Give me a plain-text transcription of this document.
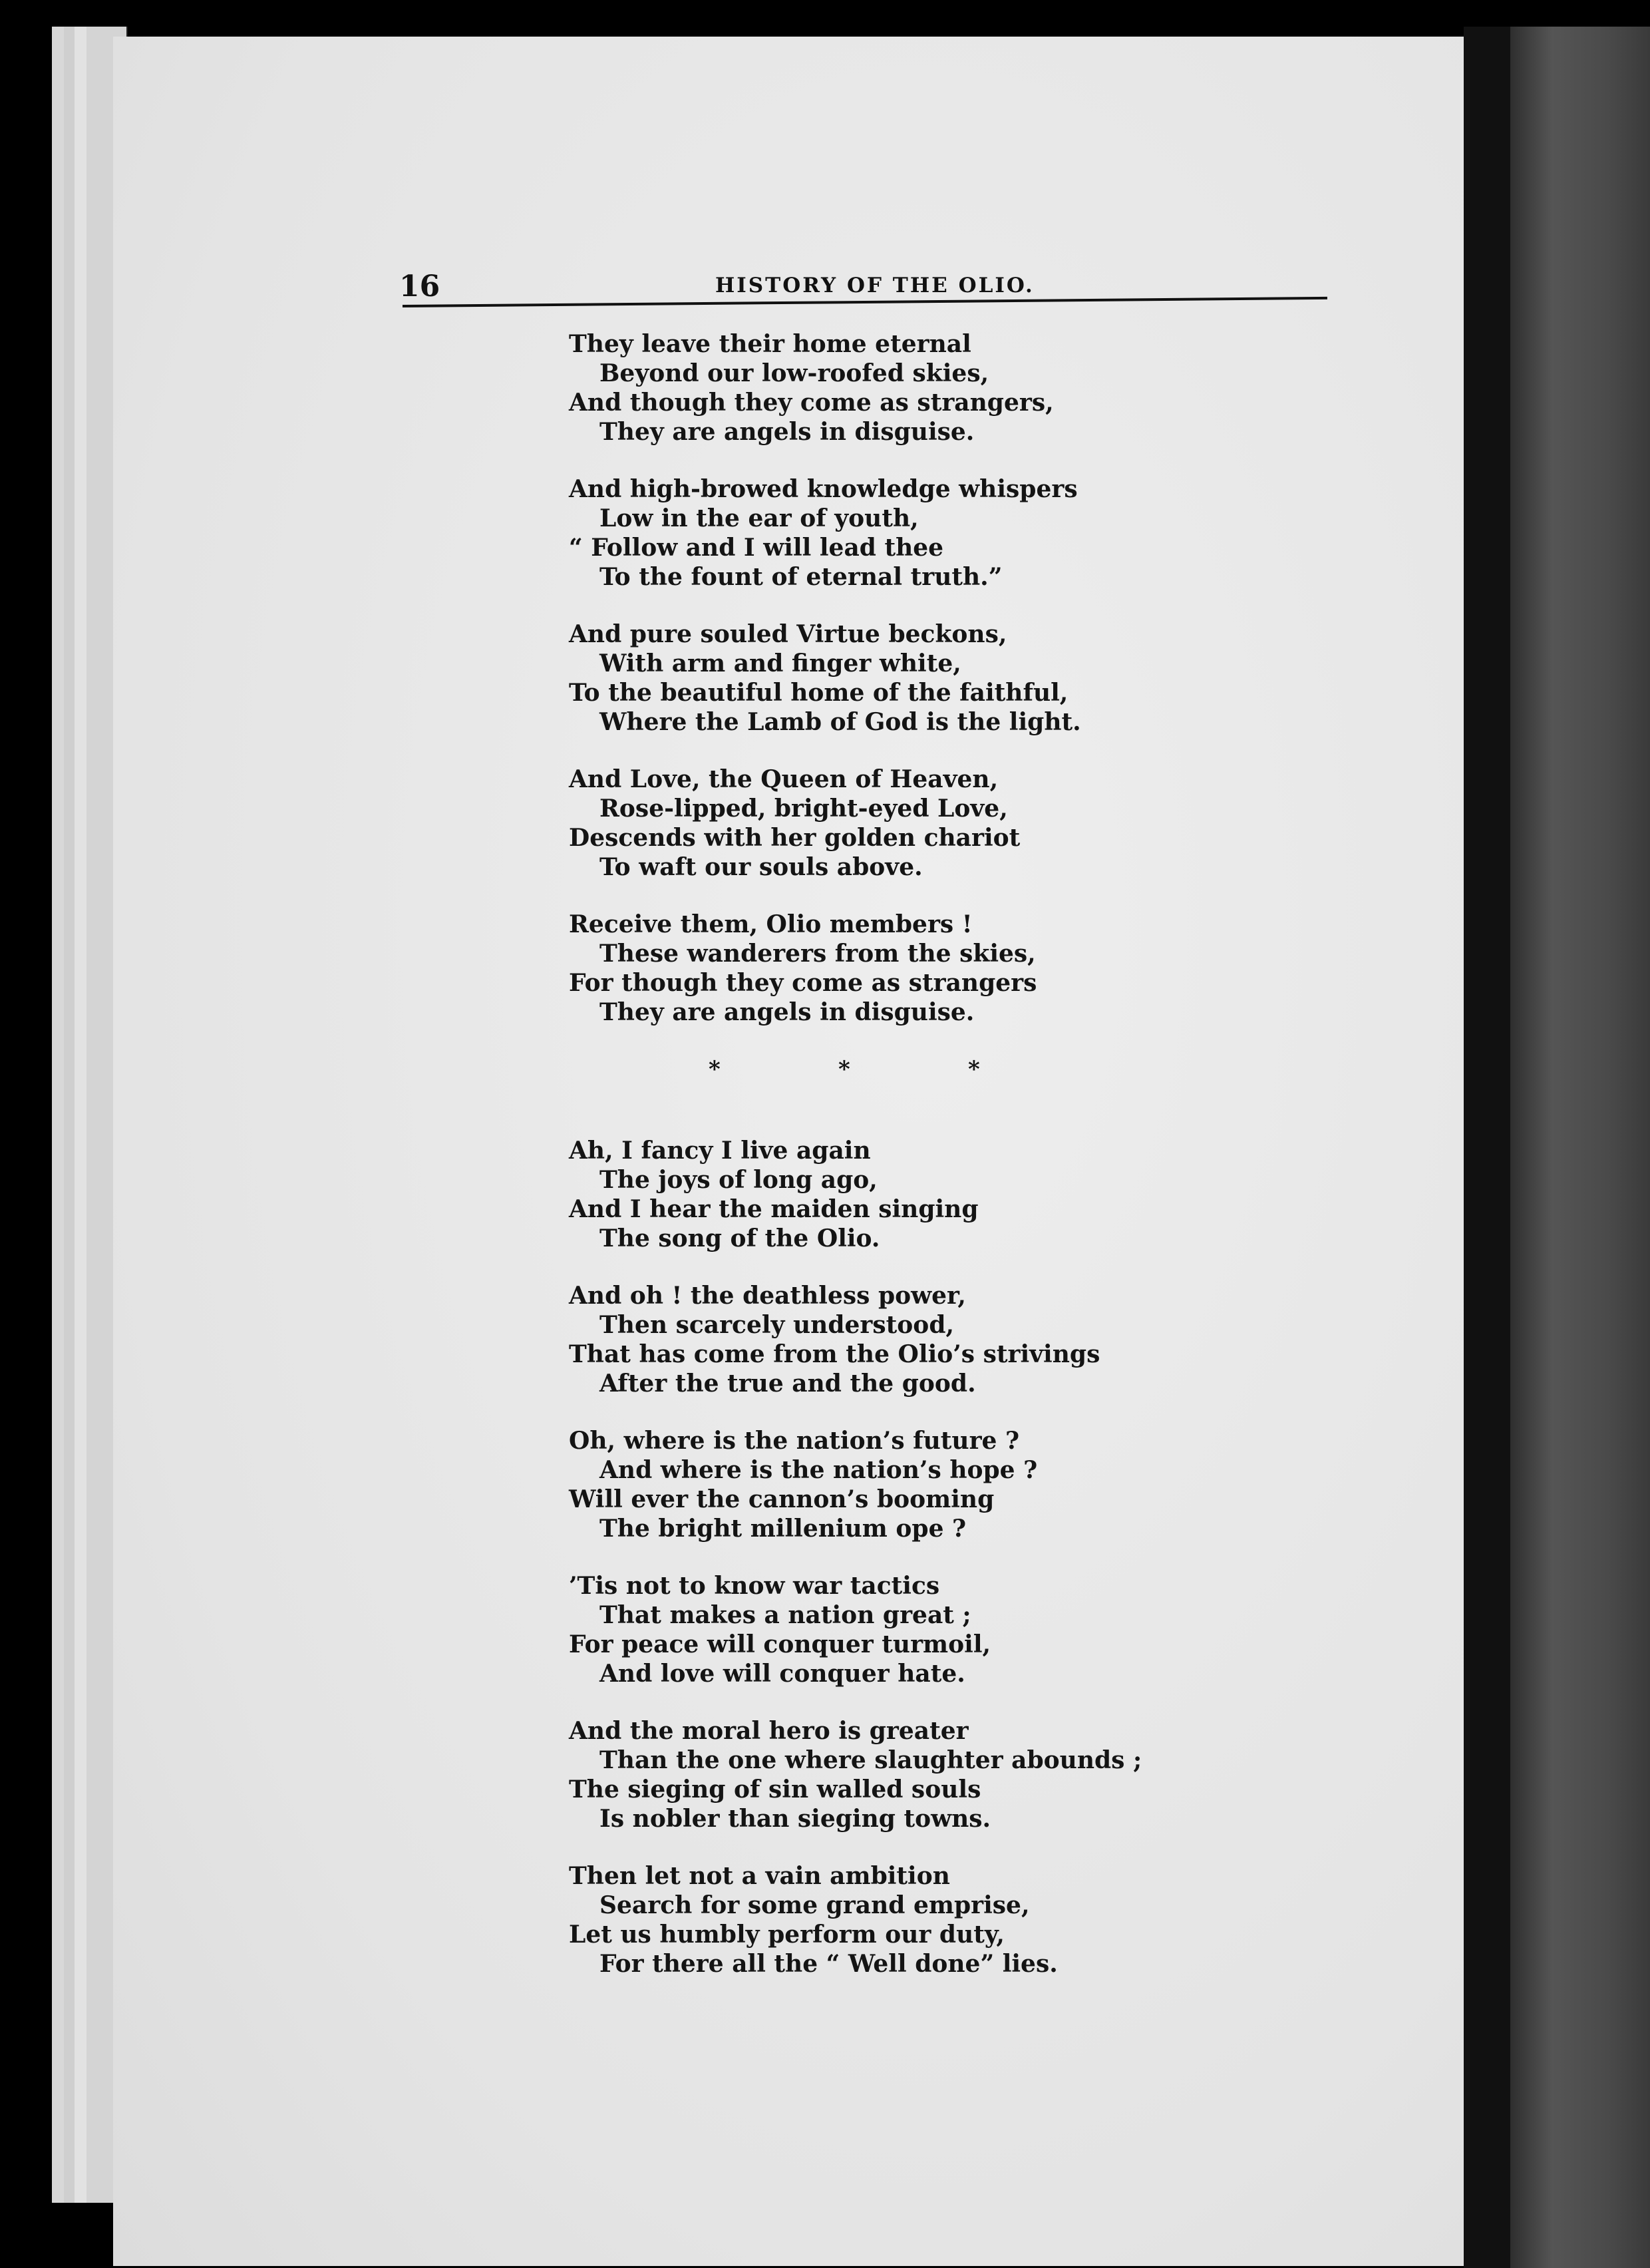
16	HISTORY OF THE OLIO.
They leave their home eternal
Beyond our low-roofed skies,
And though they come as strangers,
They are angels in disguise.
And high-browed knowledge whispers
Low in the ear of youth,
“ Follow and I will lead thee
To the fount of eternal truth.”
And pure souled Virtue beckons,
With arm and finger white,
To the beautiful home of the faithful,
Where the Lamb of God is the light.
And Love, the Queen of Heaven,
Rose-lipped, bright-eyed Love,
Descends with her golden chariot
To waft our souls above.
Receive them, Olio members !
These wanderers from the skies,
For though they come as strangers
They are angels in disguise.
*	*	*
Ah, I fancy I live again
The joys of long ago,
And I hear the maiden singing
The song of the Olio.
And oh ! the deathless power,
Then scarcely understood,
That has come from the Olio’s strivings
After the true and the good.
Oh, where is the nation’s future ?
And where is the nation’s hope ?
Will ever the cannon’s booming
The bright millenium ope ?
’Tis not to know war tactics
That makes a nation great ;
For peace will conquer turmoil,
And love will conquer hate.
And the moral hero is greater
Than the one where slaughter abounds ;
The sieging of sin walled souls
Is nobler than sieging towns.
Then let not a vain ambition
Search for some grand emprise,
Let us humbly perform our duty,
For there all the “ Well done” lies.
